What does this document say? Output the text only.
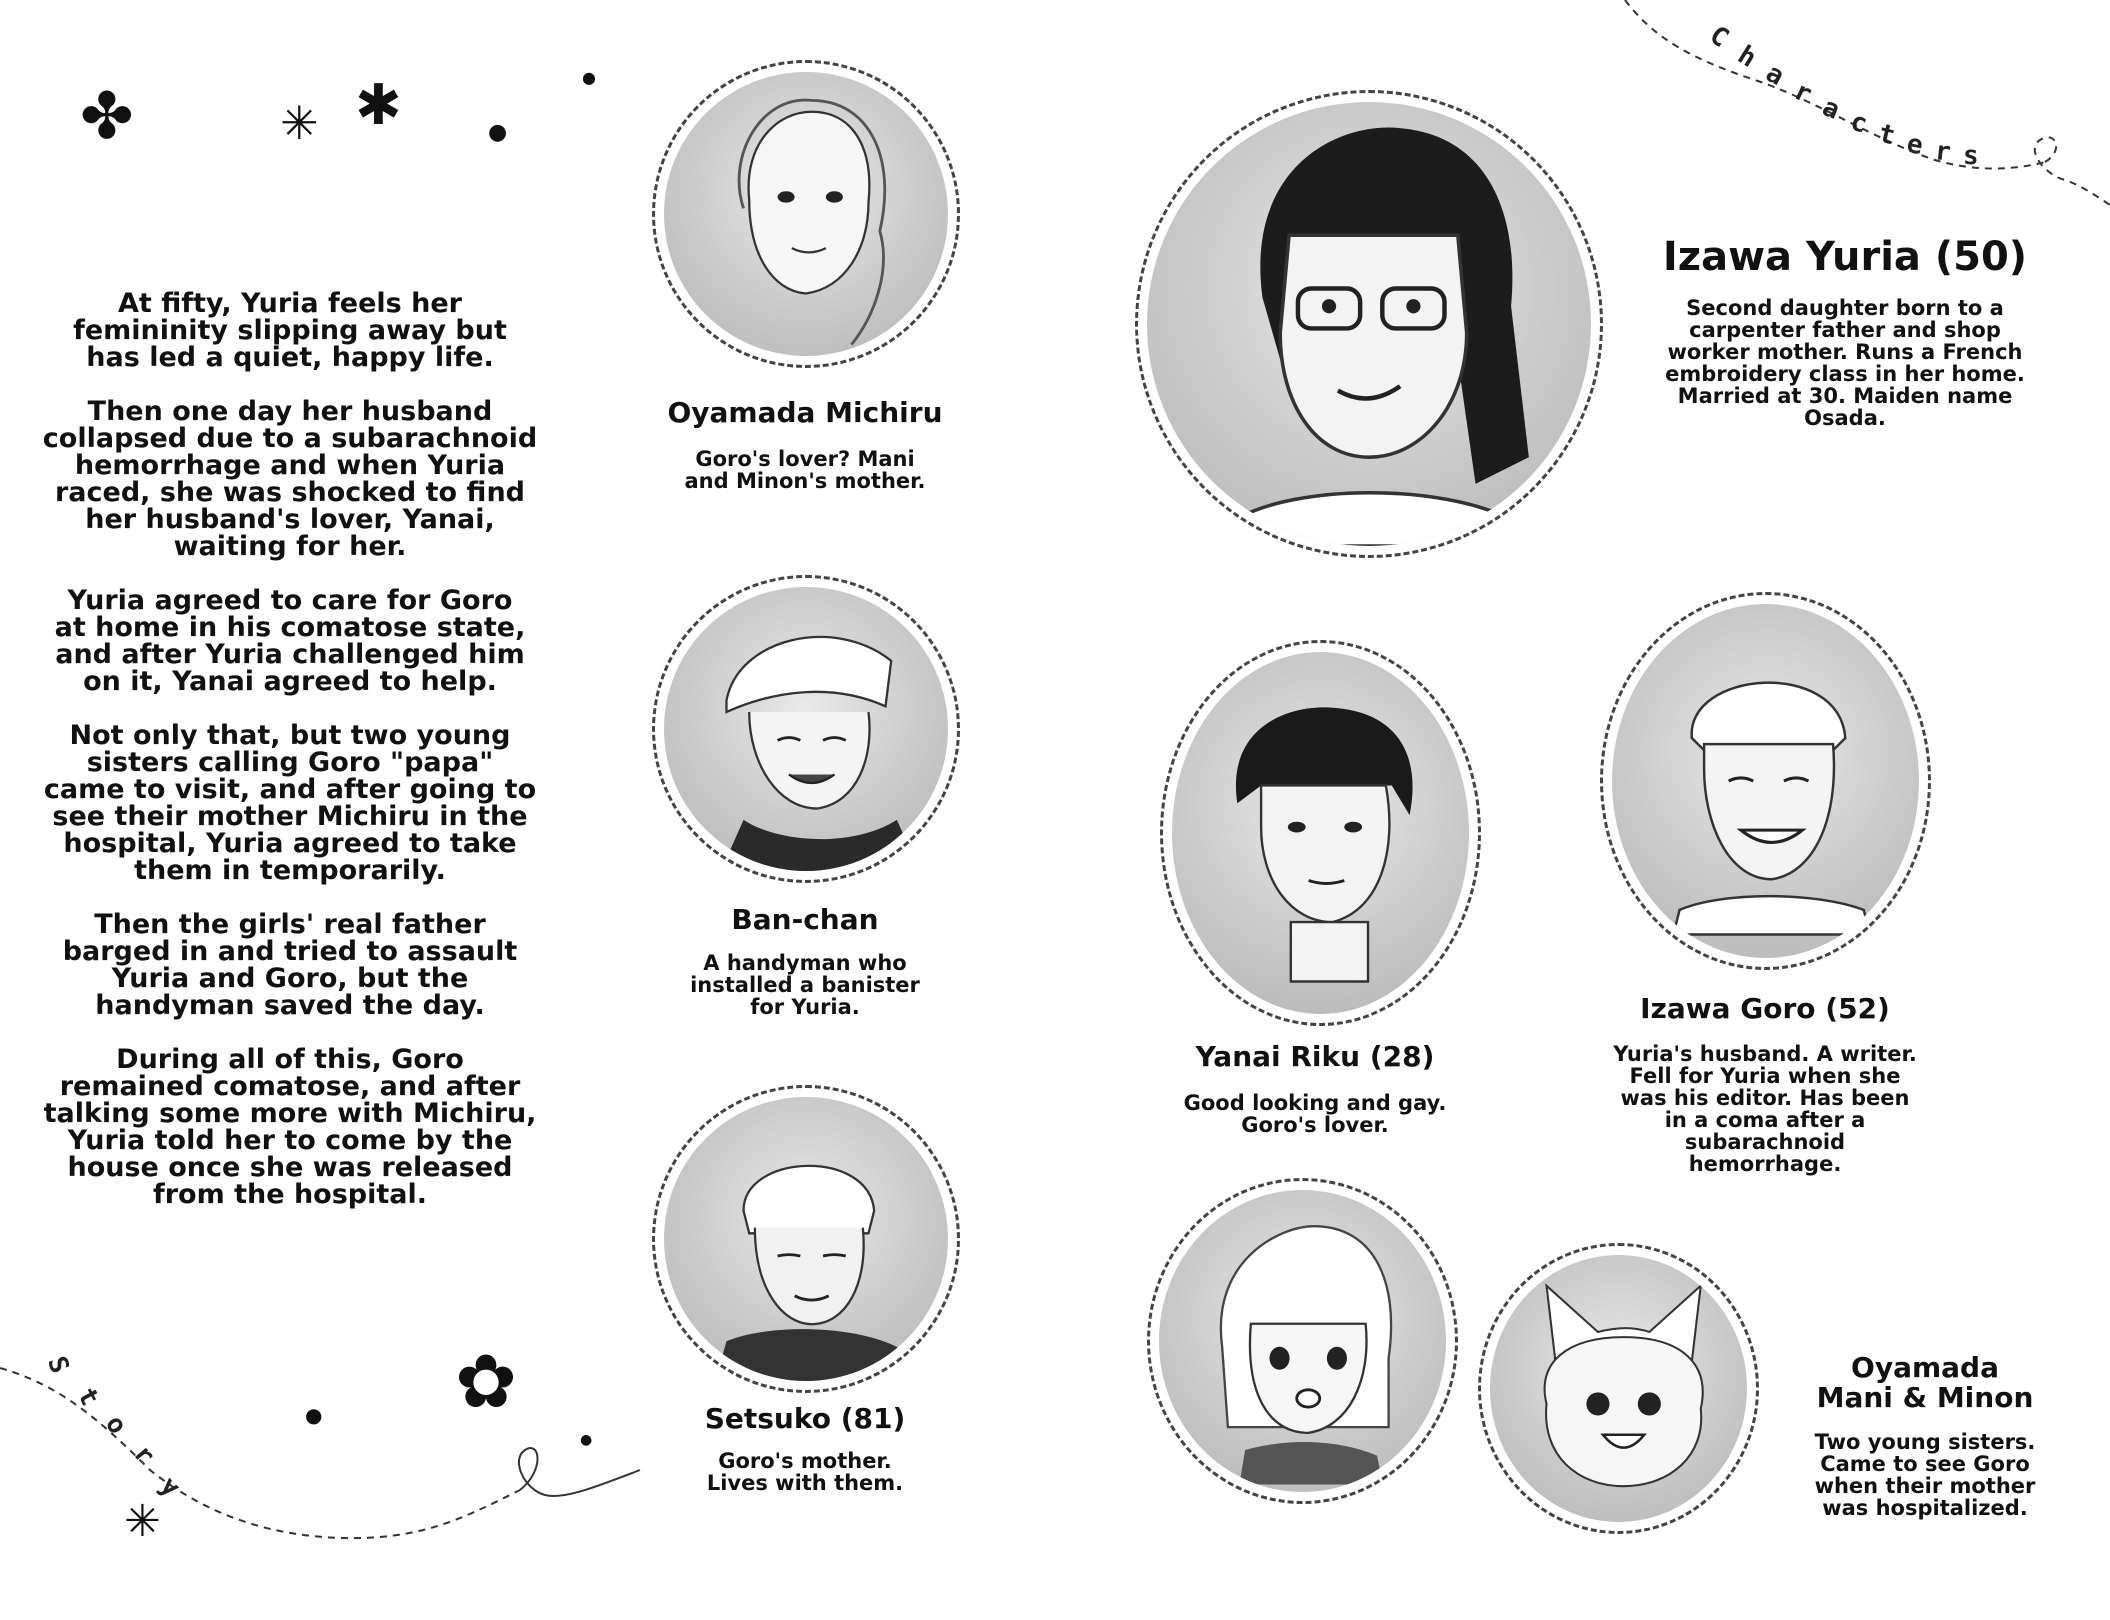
✤	✳ ✱	●
●
✿
●
●
✳
S
t
o
r
y

At fifty, Yuria feels her
femininity slipping away but
has led a quiet, happy life.

Then one day her husband
collapsed due to a subarachnoid
hemorrhage and when Yuria
raced, she was shocked to find
her husband's lover, Yanai,
waiting for her.

Yuria agreed to care for Goro
at home in his comatose state,
and after Yuria challenged him
on it, Yanai agreed to help.

Not only that, but two young
sisters calling Goro "papa"
came to visit, and after going to
see their mother Michiru in the
hospital, Yuria agreed to take
them in temporarily.

Then the girls' real father
barged in and tried to assault
Yuria and Goro, but the
handyman saved the day.

During all of this, Goro
remained comatose, and after
talking some more with Michiru,
Yuria told her to come by the
house once she was released
from the hospital.

Oyamada Michiru
Goro's lover? Mani
and Minon's mother.
Ban-chan
A handyman who
installed a banister
for Yuria.
Setsuko (81)
Goro's mother.
Lives with them.
C
h
a
r a c t e r s
Izawa Yuria (50)
Second daughter born to a
carpenter father and shop
worker mother. Runs a French
embroidery class in her home.
Married at 30. Maiden name
Osada.
Yanai Riku (28)
Good looking and gay.
Goro's lover.
Izawa Goro (52)
Yuria's husband. A writer.
Fell for Yuria when she
was his editor. Has been
in a coma after a
subarachnoid
hemorrhage.
Oyamada
Mani & Minon
Two young sisters.
Came to see Goro
when their mother
was hospitalized.
